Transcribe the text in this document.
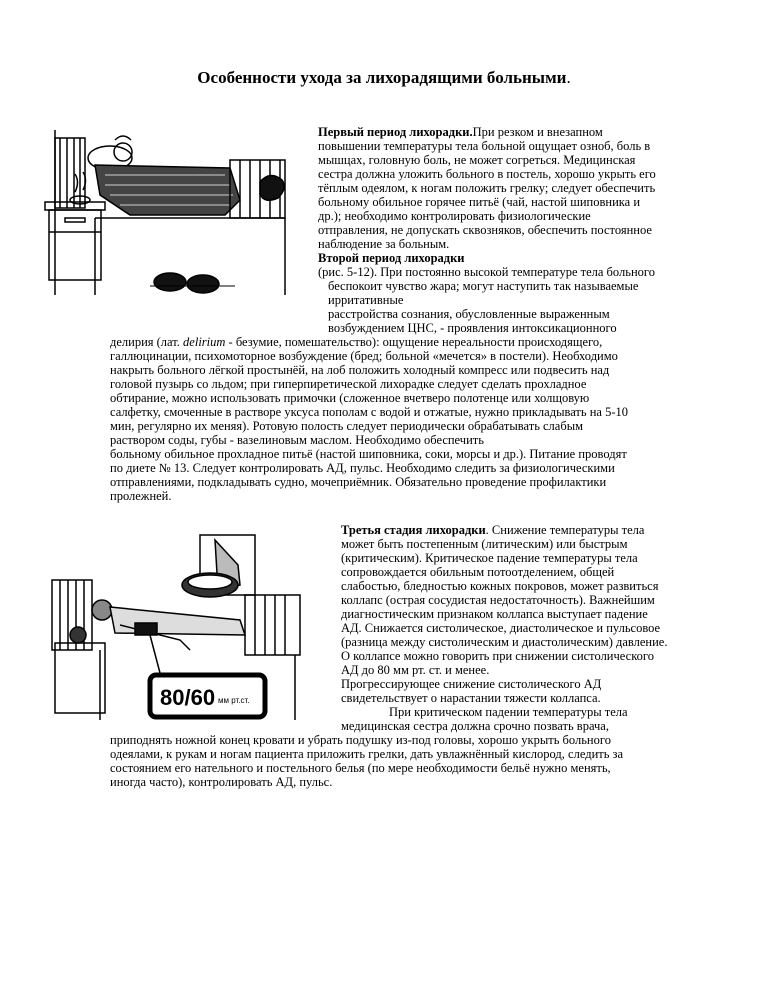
Особенности ухода за лихорадящими больными.
80/60 мм рт.ст.
Первый период лихорадки.При резком и внезапном
повышении температуры тела больной ощущает озноб, боль в
мышцах, головную боль, не может согреться. Медицинская
сестра должна уложить больного в постель, хорошо укрыть его
тёплым одеялом, к ногам положить грелку; следует обеспечить
больному обильное горячее питьё (чай, настой шиповника и
др.); необходимо контролировать физиологические
отправления, не допускать сквозняков, обеспечить постоянное
наблюдение за больным.
Второй период лихорадки
(рис. 5-12). При постоянно высокой температуре тела больного
беспокоит чувство жара; могут наступить так называемые
ирритативные
расстройства сознания, обусловленные выраженным
возбуждением ЦНС, - проявления интоксикационного
делирия (лат. delirium - безумие, помешательство): ощущение нереальности происходящего,
галлюцинации, психомоторное возбуждение (бред; больной «мечется» в постели). Необходимо
накрыть больного лёгкой простынёй, на лоб положить холодный компресс или подвесить над
головой пузырь со льдом; при гиперпиретической лихорадке следует сделать прохладное
обтирание, можно использовать примочки (сложенное вчетверо полотенце или холщовую
салфетку, смоченные в растворе уксуса пополам с водой и отжатые, нужно прикладывать на 5-10
мин, регулярно их меняя). Ротовую полость следует периодически обрабатывать слабым
раствором соды, губы - вазелиновым маслом. Необходимо обеспечить
больному обильное прохладное питьё (настой шиповника, соки, морсы и др.). Питание проводят
по диете № 13. Следует контролировать АД, пульс. Необходимо следить за физиологическими
отправлениями, подкладывать судно, мочеприёмник. Обязательно проведение профилактики
пролежней.
Третья стадия лихорадки. Снижение температуры тела
может быть постепенным (литическим) или быстрым
(критическим). Критическое падение температуры тела
сопровождается обильным потоотделением, общей
слабостью, бледностью кожных покровов, может развиться
коллапс (острая сосудистая недостаточность). Важнейшим
диагностическим признаком коллапса выступает падение
АД. Снижается систолическое, диастолическое и пульсовое
(разница между систолическим и диастолическим) давление.
О коллапсе можно говорить при снижении систолического
АД до 80 мм рт. ст. и менее.
Прогрессирующее снижение систолического АД
свидетельствует о нарастании тяжести коллапса.
При критическом падении температуры тела
медицинская сестра должна срочно позвать врача,
приподнять ножной конец кровати и убрать подушку из-под головы, хорошо укрыть больного
одеялами, к рукам и ногам пациента приложить грелки, дать увлажнённый кислород, следить за
состоянием его нательного и постельного белья (по мере необходимости бельё нужно менять,
иногда часто), контролировать АД, пульс.
